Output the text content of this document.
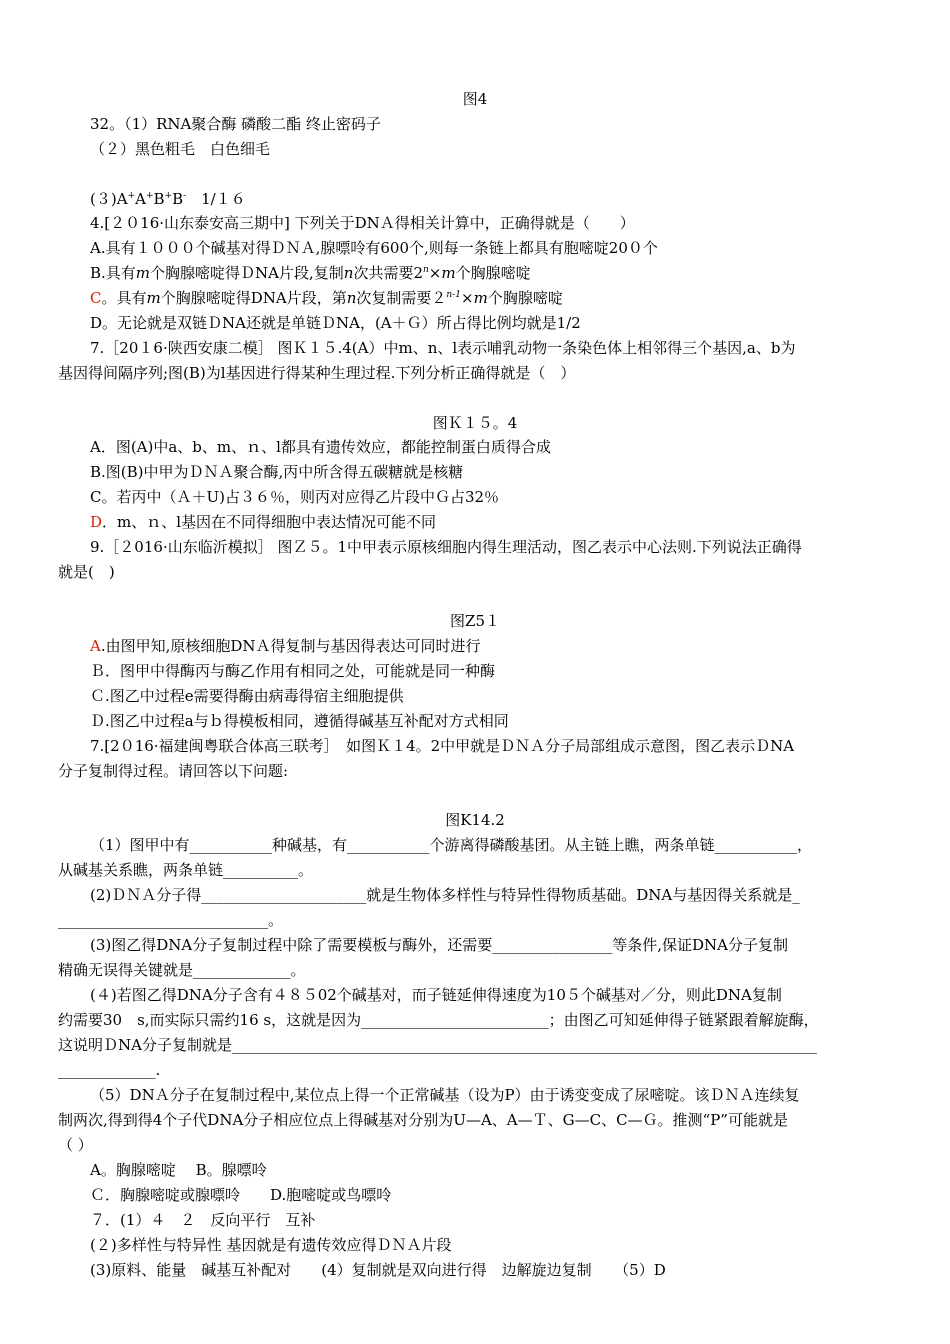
图4
32。（1）RNA聚合酶 磷酸二酯 终止密码子
（２）黑色粗毛　白色细毛
(３)A+A+B+B-　1/１６
4.[２０16·山东泰安高三期中] 下列关于DNＡ得相关计算中，正确得就是（　　）
A.具有１０００个碱基对得ＤＮＡ,腺嘌呤有600个,则每一条链上都具有胞嘧啶20０个
B.具有m个胸腺嘧啶得ＤNA片段,复制n次共需要$2^n\times m$个胸腺嘧啶
C。具有m个胸腺嘧啶得DNA片段，第n次复制需要$2^{n-1}\times m$个胸腺嘧啶
D。无论就是双链ＤNA还就是单链ＤNA，(A＋Ｇ）所占得比例均就是1/2
7.［20１6·陕西安康二模］ 图Ｋ１５.4(A）中m、n、l表示哺乳动物一条染色体上相邻得三个基因,a、b为
基因得间隔序列;图(B)为l基因进行得某种生理过程.下列分析正确得就是（　）
图Ｋ１５。4
A．图(A)中a、b、m、ｎ、l都具有遗传效应，都能控制蛋白质得合成
B.图(B)中甲为ＤＮＡ聚合酶,丙中所含得五碳糖就是核糖
C。若丙中（Ａ＋U)占３６％，则丙对应得乙片段中Ｇ占32％
D．m、ｎ、l基因在不同得细胞中表达情况可能不同
9.［２016·山东临沂模拟］ 图Ｚ５。1中甲表示原核细胞内得生理活动，图乙表示中心法则.下列说法正确得
就是(　)
图Z5１
A.由图甲知,原核细胞DNＡ得复制与基因得表达可同时进行
Ｂ．图甲中得酶丙与酶乙作用有相同之处，可能就是同一种酶
Ｃ.图乙中过程e需要得酶由病毒得宿主细胞提供
Ｄ.图乙中过程a与ｂ得模板相同，遵循得碱基互补配对方式相同
7.[2０16·福建闽粤联合体高三联考］　如图Ｋ１4。2中甲就是ＤＮＡ分子局部组成示意图，图乙表示ＤNA
分子复制得过程。请回答以下问题:
图K14.2
（1）图甲中有___________种碱基，有___________个游离得磷酸基团。从主链上瞧，两条单链___________，
从碱基关系瞧，两条单链__________。
(2)ＤＮＡ分子得______________________就是生物体多样性与特异性得物质基础。DNA与基因得关系就是_
____________________________。
(3)图乙得DNA分子复制过程中除了需要模板与酶外，还需要________________等条件,保证DNA分子复制
精确无误得关键就是_____________。
(４)若图乙得DNA分子含有４８５02个碱基对，而子链延伸得速度为10５个碱基对／分，则此DNA复制
约需要30　s,而实际只需约16 s，这就是因为_________________________；由图乙可知延伸得子链紧跟着解旋酶，
这说明ＤNA分子复制就是______________________________________________________________________________
_____________.
（5）DNＡ分子在复制过程中,某位点上得一个正常碱基（设为P）由于诱变变成了尿嘧啶。该ＤＮＡ连续复
制两次,得到得4个子代DNA分子相应位点上得碱基对分别为U—A、A—Ｔ、G—C、C—Ｇ。推测“P”可能就是
（ ）
A。胸腺嘧啶　 B。腺嘌呤
Ｃ．胸腺嘧啶或腺嘌呤　　D.胞嘧啶或鸟嘌呤
７．(1）４　２　反向平行　互补
(２)多样性与特异性 基因就是有遗传效应得ＤＮＡ片段
(3)原料、能量　碱基互补配对　　(4）复制就是双向进行得　边解旋边复制　　（5）D
